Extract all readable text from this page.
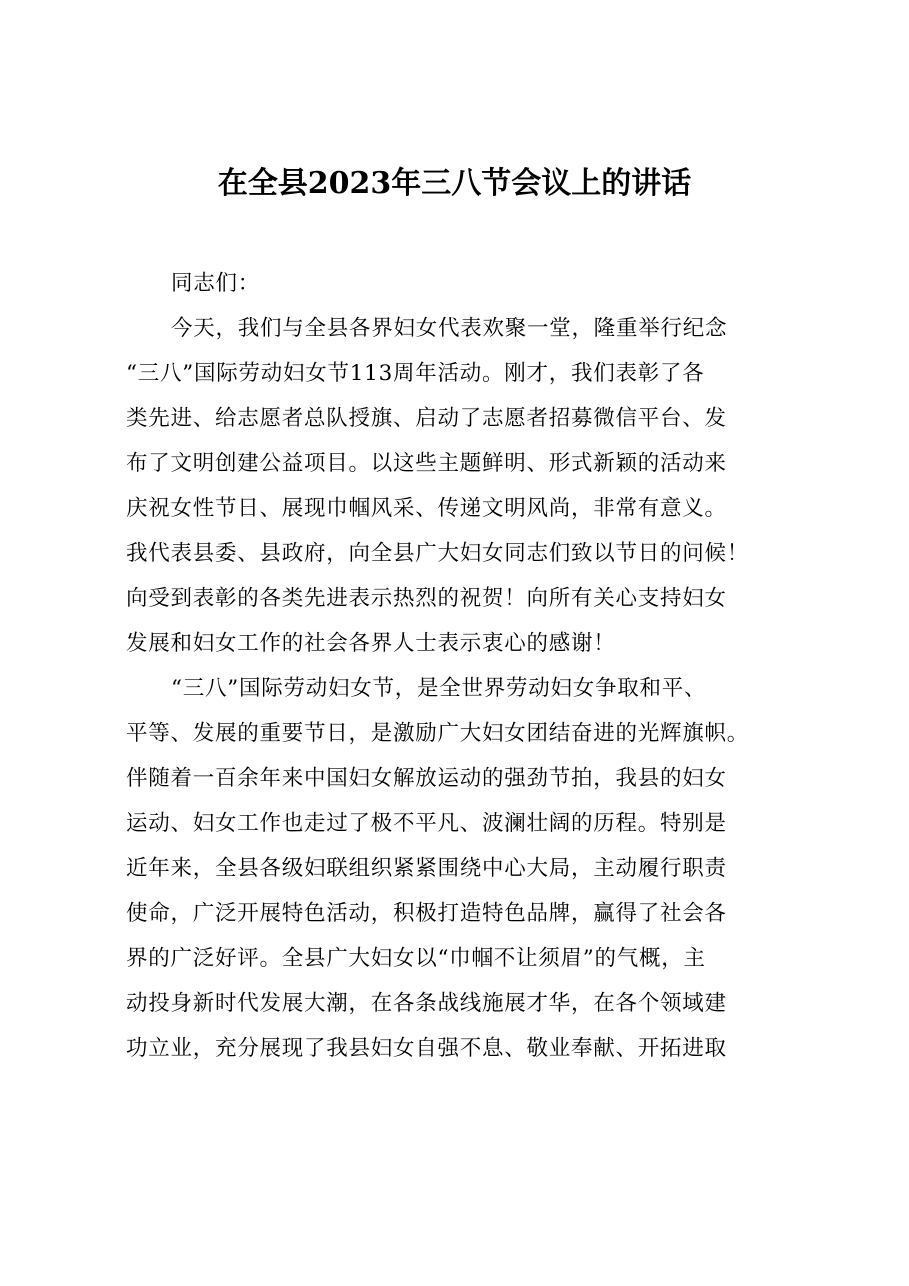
在全县2023年三八节会议上的讲话
同志们：
今天，我们与全县各界妇女代表欢聚一堂，隆重举行纪念
“三八”国际劳动妇女节113周年活动。刚才，我们表彰了各
类先进、给志愿者总队授旗、启动了志愿者招募微信平台、发
布了文明创建公益项目。以这些主题鲜明、形式新颖的活动来
庆祝女性节日、展现巾帼风采、传递文明风尚，非常有意义。
我代表县委、县政府，向全县广大妇女同志们致以节日的问候！
向受到表彰的各类先进表示热烈的祝贺！向所有关心支持妇女
发展和妇女工作的社会各界人士表示衷心的感谢！
“三八”国际劳动妇女节，是全世界劳动妇女争取和平、
平等、发展的重要节日，是激励广大妇女团结奋进的光辉旗帜。
伴随着一百余年来中国妇女解放运动的强劲节拍，我县的妇女
运动、妇女工作也走过了极不平凡、波澜壮阔的历程。特别是
近年来，全县各级妇联组织紧紧围绕中心大局，主动履行职责
使命，广泛开展特色活动，积极打造特色品牌，赢得了社会各
界的广泛好评。全县广大妇女以“巾帼不让须眉”的气概，主
动投身新时代发展大潮，在各条战线施展才华，在各个领域建
功立业，充分展现了我县妇女自强不息、敬业奉献、开拓进取
